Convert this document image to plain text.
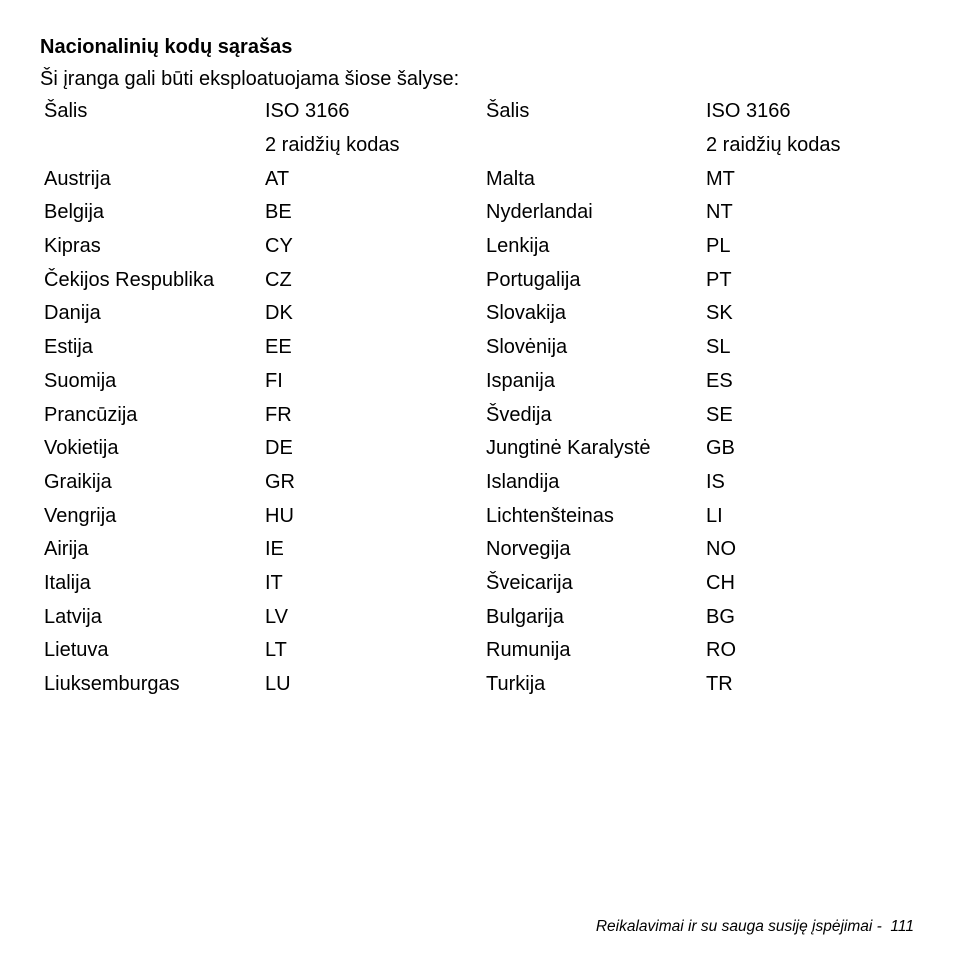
Nacionalinių kodų sąrašas

Ši įranga gali būti eksploatuojama šiose šalyse:

Šalis	ISO 3166	Šalis	ISO 3166
	2 raidžių kodas		2 raidžių kodas
Austrija	AT	Malta	MT
Belgija	BE	Nyderlandai	NT
Kipras	CY	Lenkija	PL
Čekijos Respublika	CZ	Portugalija	PT
Danija	DK	Slovakija	SK
Estija	EE	Slovėnija	SL
Suomija	FI	Ispanija	ES
Prancūzija	FR	Švedija	SE
Vokietija	DE	Jungtinė Karalystė	GB
Graikija	GR	Islandija	IS
Vengrija	HU	Lichtenšteinas	LI
Airija	IE	Norvegija	NO
Italija	IT	Šveicarija	CH
Latvija	LV	Bulgarija	BG
Lietuva	LT	Rumunija	RO
Liuksemburgas	LU	Turkija	TR
Reikalavimai ir su sauga susiję įspėjimai -  111
